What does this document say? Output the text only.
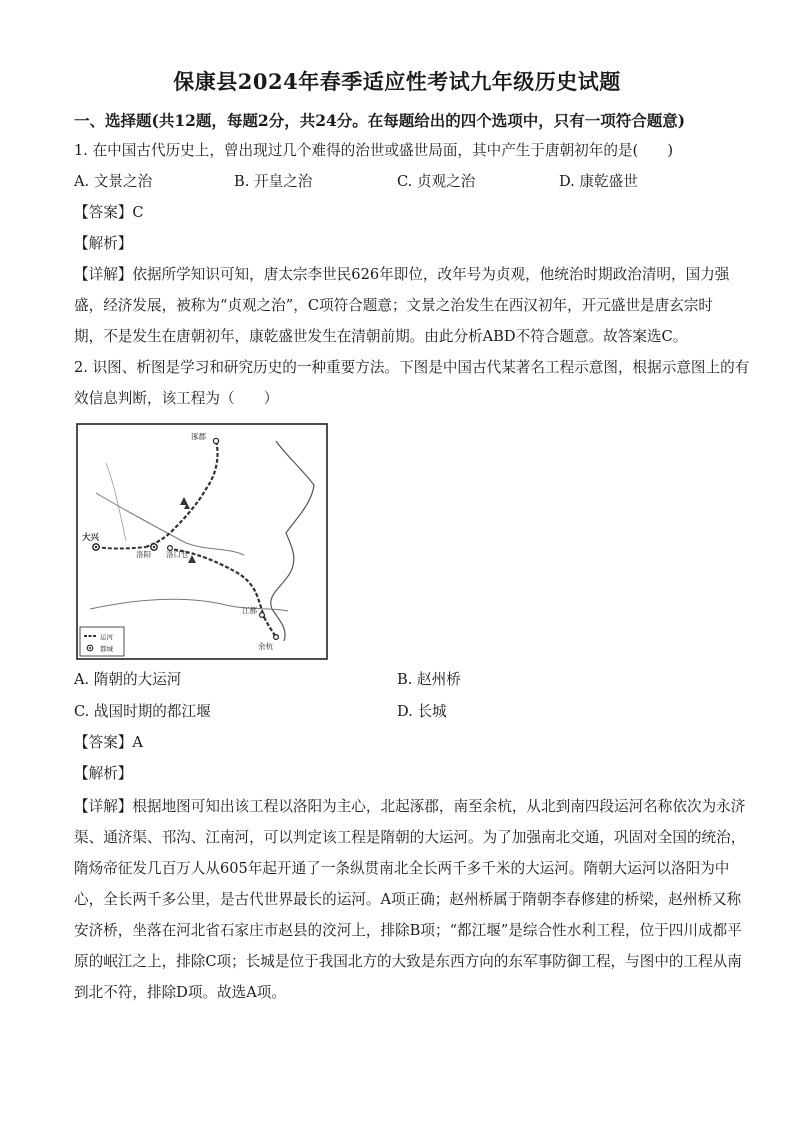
保康县2024年春季适应性考试九年级历史试题
一、选择题(共12题，每题2分，共24分。在每题给出的四个选项中，只有一项符合题意)
1. 在中国古代历史上，曾出现过几个难得的治世或盛世局面，其中产生于唐朝初年的是(　　)
A. 文景之治	B. 开皇之治	C. 贞观之治	D. 康乾盛世
【答案】C
【解析】
【详解】依据所学知识可知，唐太宗李世民626年即位，改年号为贞观，他统治时期政治清明，国力强
盛，经济发展，被称为“贞观之治”，C项符合题意；文景之治发生在西汉初年，开元盛世是唐玄宗时
期，不是发生在唐朝初年，康乾盛世发生在清朝前期。由此分析ABD不符合题意。故答案选C。
2. 识图、析图是学习和研究历史的一种重要方法。下图是中国古代某著名工程示意图，根据示意图上的有
效信息判断，该工程为（　　）
涿郡
大兴
洛阳 洛口仓
江都
余杭
运河
都城
A. 隋朝的大运河	B. 赵州桥
C. 战国时期的都江堰	D. 长城
【答案】A
【解析】
【详解】根据地图可知出该工程以洛阳为主心，北起涿郡，南至余杭，从北到南四段运河名称依次为永济
渠、通济渠、邗沟、江南河，可以判定该工程是隋朝的大运河。为了加强南北交通，巩固对全国的统治，
隋炀帝征发几百万人从605年起开通了一条纵贯南北全长两千多千米的大运河。隋朝大运河以洛阳为中
心，全长两千多公里，是古代世界最长的运河。A项正确；赵州桥属于隋朝李春修建的桥梁，赵州桥又称
安济桥，坐落在河北省石家庄市赵县的洨河上，排除B项；“都江堰”是综合性水利工程，位于四川成都平
原的岷江之上，排除C项；长城是位于我国北方的大致是东西方向的东军事防御工程，与图中的工程从南
到北不符，排除D项。故选A项。
